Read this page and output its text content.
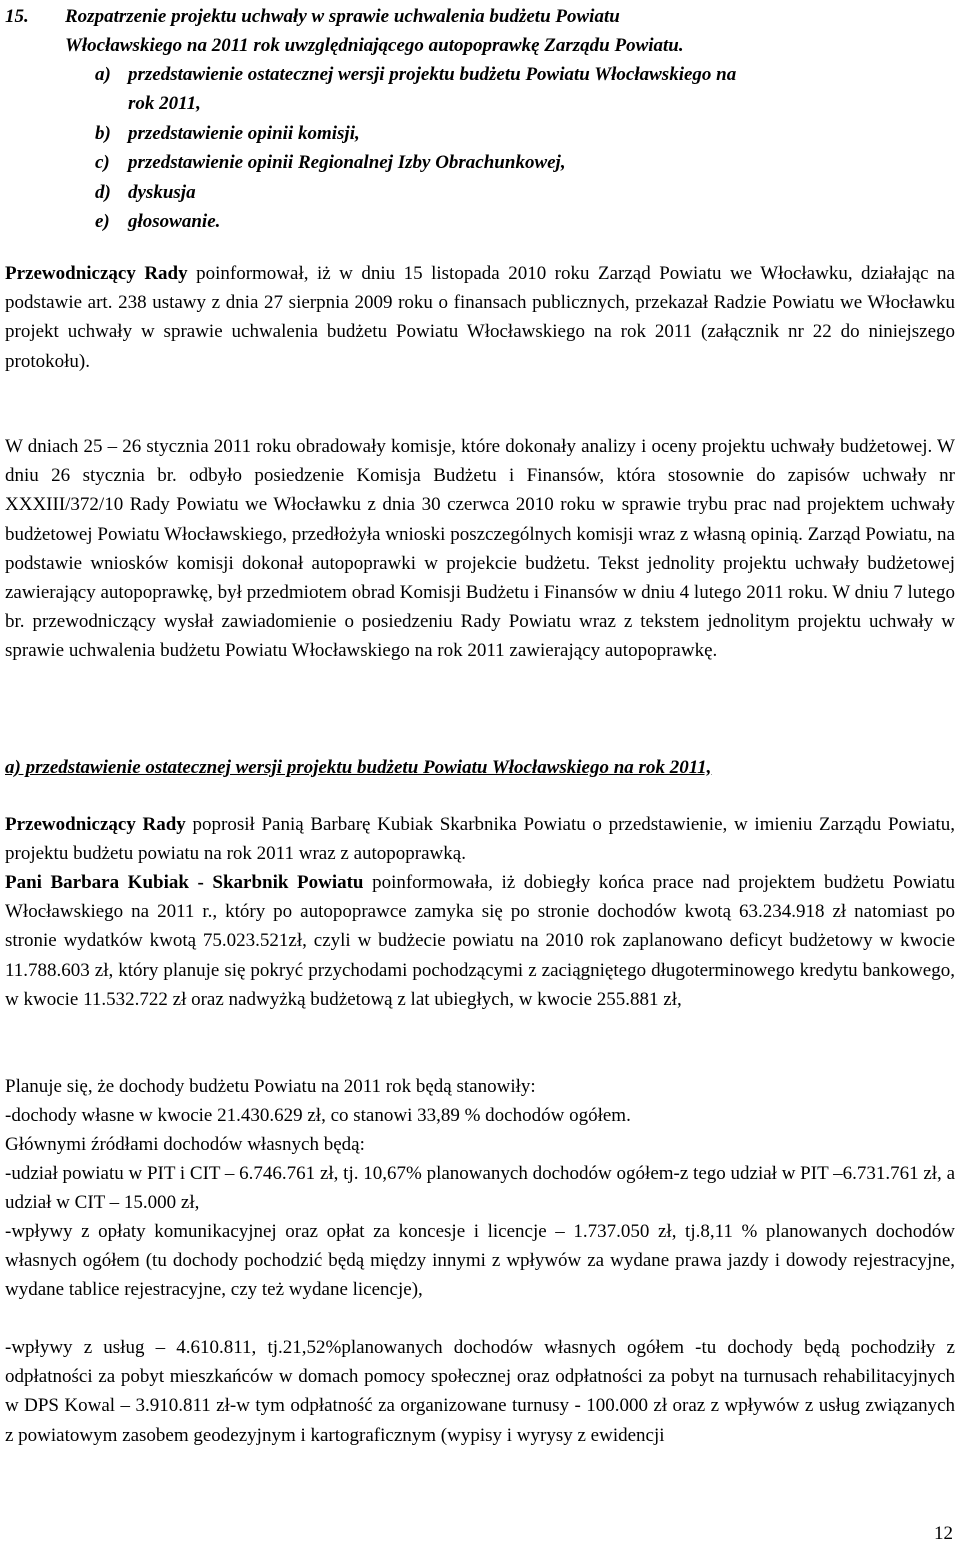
15. Rozpatrzenie projektu uchwały w sprawie uchwalenia budżetu Powiatu
Włocławskiego na 2011 rok uwzględniającego autopoprawkę Zarządu Powiatu.
a) przedstawienie ostatecznej wersji projektu budżetu Powiatu Włocławskiego na
rok 2011,
b) przedstawienie opinii komisji,
c) przedstawienie opinii Regionalnej Izby Obrachunkowej,
d) dyskusja
e) głosowanie.

Przewodniczący Rady poinformował, iż w dniu 15 listopada 2010 roku Zarząd Powiatu we Włocławku, działając na podstawie art. 238 ustawy z dnia 27 sierpnia 2009 roku o finansach publicznych, przekazał Radzie Powiatu we Włocławku projekt uchwały w sprawie uchwalenia budżetu Powiatu Włocławskiego na rok 2011 (załącznik nr 22 do niniejszego protokołu).

W dniach 25 – 26 stycznia 2011 roku obradowały komisje, które dokonały analizy i oceny projektu uchwały budżetowej. W dniu 26 stycznia br. odbyło posiedzenie Komisja Budżetu i Finansów, która stosownie do zapisów uchwały nr XXXIII/372/10 Rady Powiatu we Włocławku z dnia 30 czerwca 2010 roku w sprawie trybu prac nad projektem uchwały budżetowej Powiatu Włocławskiego, przedłożyła wnioski poszczególnych komisji wraz z własną opinią. Zarząd Powiatu, na podstawie wniosków komisji dokonał autopoprawki w projekcie budżetu. Tekst jednolity projektu uchwały budżetowej zawierający autopoprawkę, był przedmiotem obrad Komisji Budżetu i Finansów w dniu 4 lutego 2011 roku. W dniu 7 lutego br. przewodniczący wysłał zawiadomienie o posiedzeniu Rady Powiatu wraz z tekstem jednolitym projektu uchwały w sprawie uchwalenia budżetu Powiatu Włocławskiego na rok 2011 zawierający autopoprawkę.

a) przedstawienie ostatecznej wersji projektu budżetu Powiatu Włocławskiego na rok 2011,

Przewodniczący Rady poprosił Panią Barbarę Kubiak Skarbnika Powiatu o przedstawienie, w imieniu Zarządu Powiatu, projektu budżetu powiatu na rok 2011 wraz z autopoprawką.

Pani Barbara Kubiak - Skarbnik Powiatu poinformowała, iż dobiegły końca prace nad projektem budżetu Powiatu Włocławskiego na 2011 r., który po autopoprawce zamyka się po stronie dochodów kwotą 63.234.918 zł natomiast po stronie wydatków kwotą 75.023.521zł, czyli w budżecie powiatu na 2010 rok zaplanowano deficyt budżetowy w kwocie 11.788.603 zł, który planuje się pokryć przychodami pochodzącymi z zaciągniętego długoterminowego kredytu bankowego, w kwocie 11.532.722 zł oraz nadwyżką budżetową z lat ubiegłych, w kwocie 255.881 zł,

Planuje się, że dochody budżetu Powiatu na 2011 rok będą stanowiły:

-dochody własne w kwocie 21.430.629 zł, co stanowi 33,89 % dochodów ogółem.

Głównymi źródłami dochodów własnych będą:

-udział powiatu w PIT i CIT – 6.746.761 zł, tj. 10,67% planowanych dochodów ogółem-z tego udział w PIT –6.731.761 zł, a udział w CIT – 15.000 zł,

-wpływy z opłaty komunikacyjnej oraz opłat za koncesje i licencje – 1.737.050 zł, tj.8,11 % planowanych dochodów własnych ogółem (tu dochody pochodzić będą między innymi z wpływów za wydane prawa jazdy i dowody rejestracyjne, wydane tablice rejestracyjne, czy też wydane licencje),

-wpływy z usług – 4.610.811, tj.21,52%planowanych dochodów własnych ogółem -tu dochody będą pochodziły z odpłatności za pobyt mieszkańców w domach pomocy społecznej oraz odpłatności za pobyt na turnusach rehabilitacyjnych w DPS Kowal – 3.910.811 zł-w tym odpłatność za organizowane turnusy - 100.000 zł oraz z wpływów z usług związanych z powiatowym zasobem geodezyjnym i kartograficznym (wypisy i wyrysy z ewidencji

12
